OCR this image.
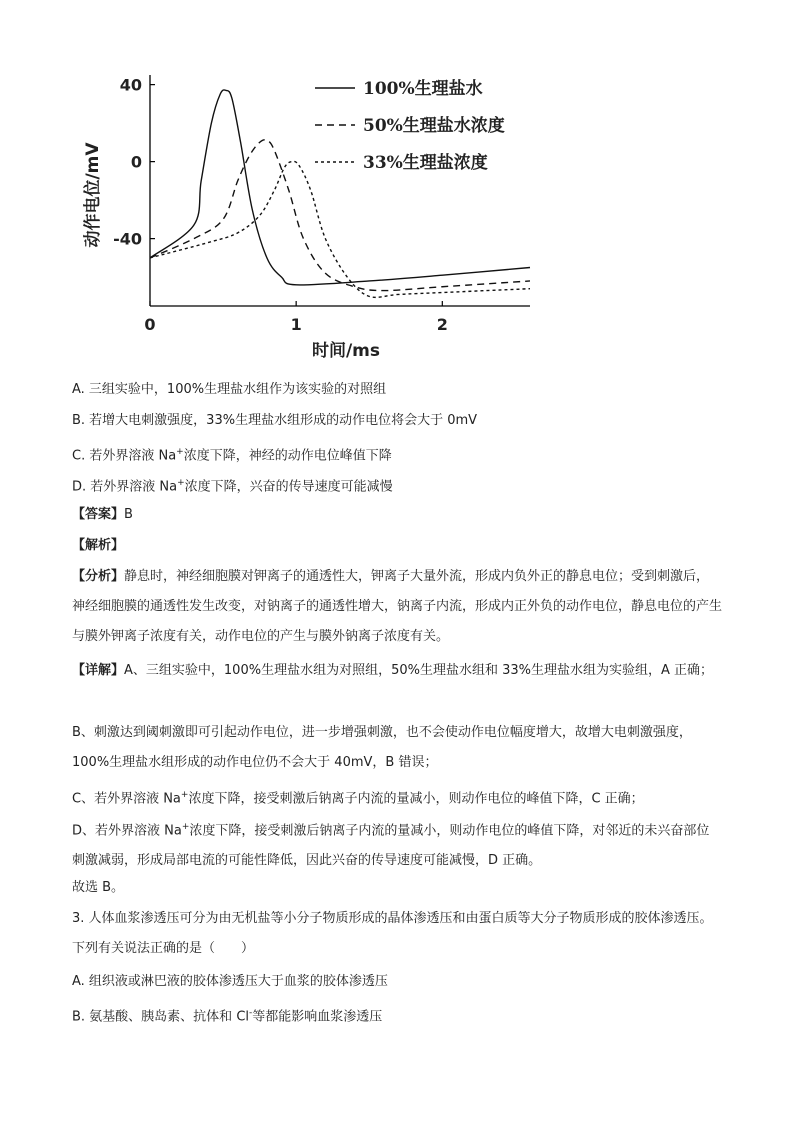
0	1	2
40
0
-40
100%生理盐水
50%生理盐水浓度
33%生理盐浓度
动作电位/mV
时间/ms
A. 三组实验中，100%生理盐水组作为该实验的对照组
B. 若增大电刺激强度，33%生理盐水组形成的动作电位将会大于 0mV
C. 若外界溶液 Na+浓度下降，神经的动作电位峰值下降
D. 若外界溶液 Na+浓度下降，兴奋的传导速度可能减慢
【答案】B
【解析】
【分析】静息时，神经细胞膜对钾离子的通透性大，钾离子大量外流，形成内负外正的静息电位；受到刺激后，神经细胞膜的通透性发生改变，对钠离子的通透性增大，钠离子内流，形成内正外负的动作电位，静息电位的产生与膜外钾离子浓度有关，动作电位的产生与膜外钠离子浓度有关。
【详解】A、三组实验中，100%生理盐水组为对照组，50%生理盐水组和 33%生理盐水组为实验组，A 正确；
B、刺激达到阈刺激即可引起动作电位，进一步增强刺激，也不会使动作电位幅度增大，故增大电刺激强度，100%生理盐水组形成的动作电位仍不会大于 40mV，B 错误；
C、若外界溶液 Na+浓度下降，接受刺激后钠离子内流的量减小，则动作电位的峰值下降，C 正确；
D、若外界溶液 Na+浓度下降，接受刺激后钠离子内流的量减小，则动作电位的峰值下降，对邻近的未兴奋部位刺激减弱，形成局部电流的可能性降低，因此兴奋的传导速度可能减慢，D 正确。
故选 B。
3. 人体血浆渗透压可分为由无机盐等小分子物质形成的晶体渗透压和由蛋白质等大分子物质形成的胶体渗透压。下列有关说法正确的是（　　）
A. 组织液或淋巴液的胶体渗透压大于血浆的胶体渗透压
B. 氨基酸、胰岛素、抗体和 Cl-等都能影响血浆渗透压
